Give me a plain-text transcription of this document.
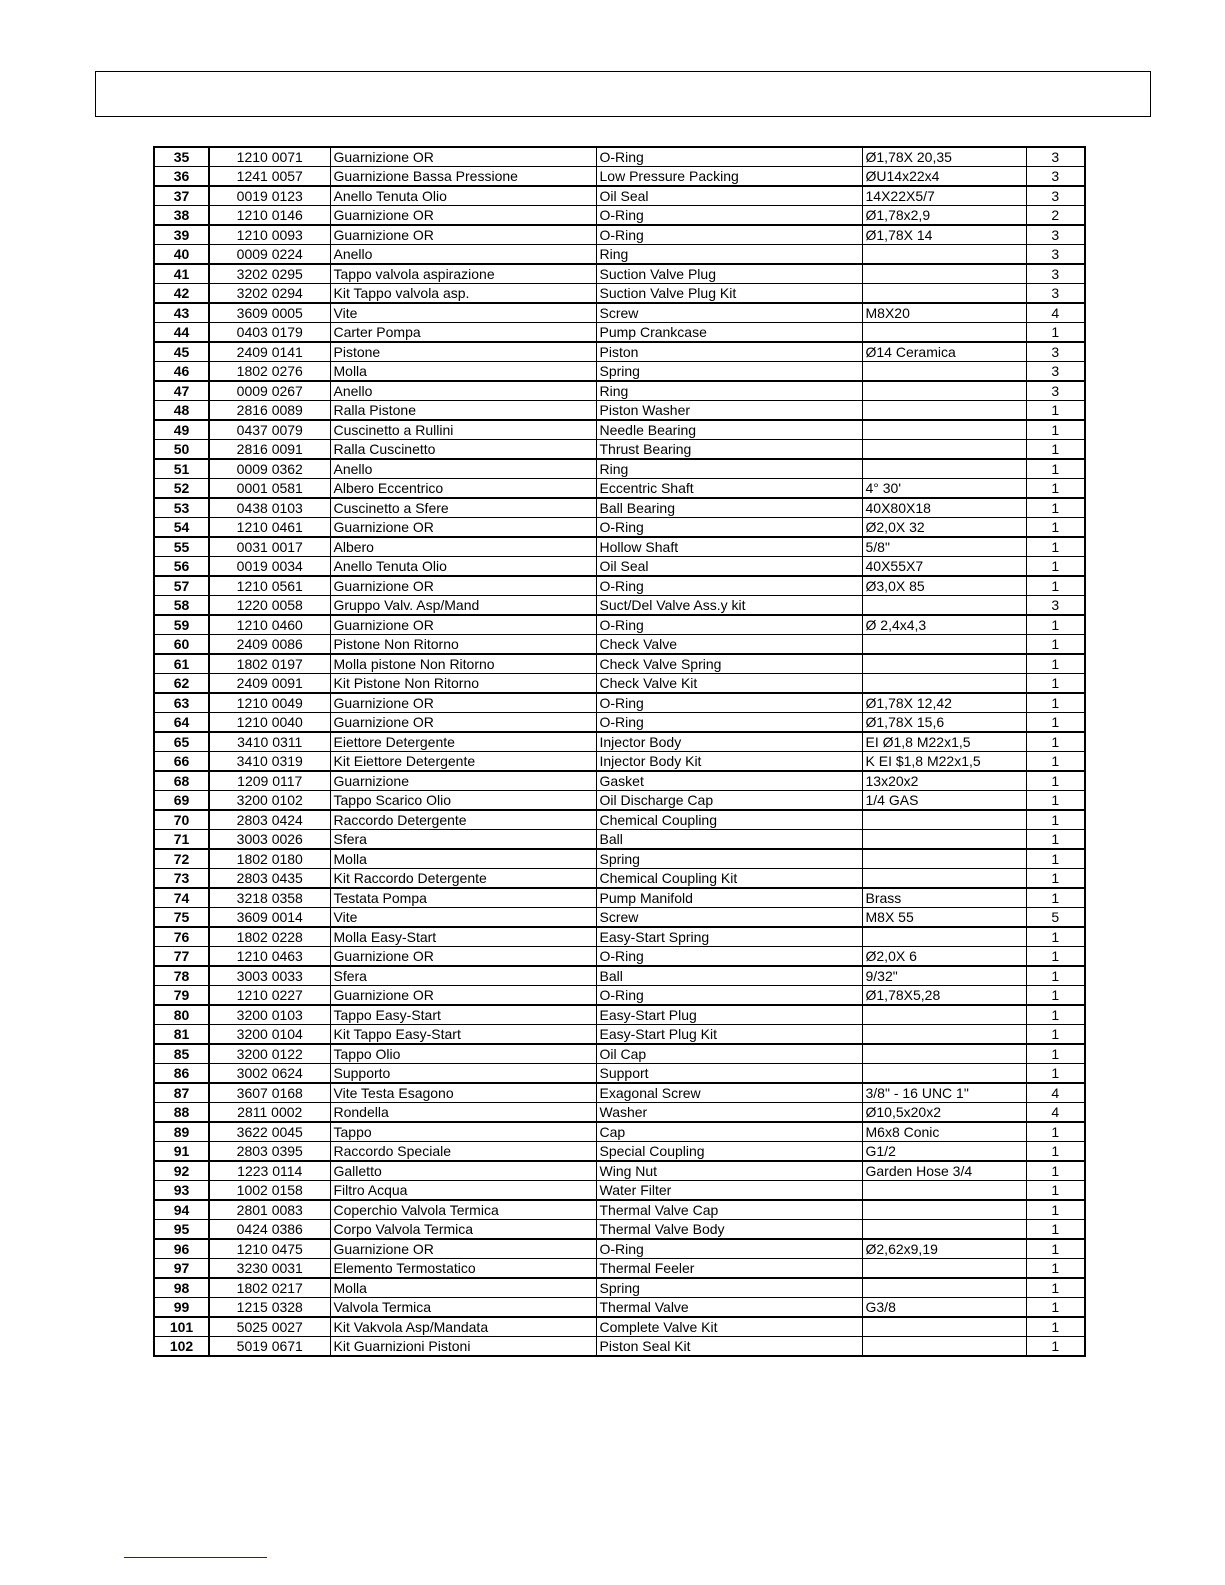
35	1210 0071	Guarnizione OR	O-Ring	Ø1,78X 20,35	3
36	1241 0057	Guarnizione Bassa Pressione	Low Pressure Packing	ØU14x22x4	3
37	0019 0123	Anello Tenuta Olio	Oil Seal	14X22X5/7	3
38	1210 0146	Guarnizione OR	O-Ring	Ø1,78x2,9	2
39	1210 0093	Guarnizione OR	O-Ring	Ø1,78X 14	3
40	0009 0224	Anello	Ring		3
41	3202 0295	Tappo valvola aspirazione	Suction Valve Plug		3
42	3202 0294	Kit Tappo valvola asp.	Suction Valve Plug Kit		3
43	3609 0005	Vite	Screw	M8X20	4
44	0403 0179	Carter Pompa	Pump Crankcase		1
45	2409 0141	Pistone	Piston	Ø14 Ceramica	3
46	1802 0276	Molla	Spring		3
47	0009 0267	Anello	Ring		3
48	2816 0089	Ralla Pistone	Piston Washer		1
49	0437 0079	Cuscinetto a Rullini	Needle Bearing		1
50	2816 0091	Ralla Cuscinetto	Thrust Bearing		1
51	0009 0362	Anello	Ring		1
52	0001 0581	Albero Eccentrico	Eccentric Shaft	4° 30'	1
53	0438 0103	Cuscinetto a Sfere	Ball Bearing	40X80X18	1
54	1210 0461	Guarnizione OR	O-Ring	Ø2,0X 32	1
55	0031 0017	Albero	Hollow Shaft	5/8"	1
56	0019 0034	Anello Tenuta Olio	Oil Seal	40X55X7	1
57	1210 0561	Guarnizione OR	O-Ring	Ø3,0X 85	1
58	1220 0058	Gruppo Valv. Asp/Mand	Suct/Del Valve Ass.y kit		3
59	1210 0460	Guarnizione OR	O-Ring	Ø 2,4x4,3	1
60	2409 0086	Pistone Non Ritorno	Check Valve		1
61	1802 0197	Molla pistone Non Ritorno	Check Valve Spring		1
62	2409 0091	Kit Pistone Non Ritorno	Check Valve Kit		1
63	1210 0049	Guarnizione OR	O-Ring	Ø1,78X 12,42	1
64	1210 0040	Guarnizione OR	O-Ring	Ø1,78X 15,6	1
65	3410 0311	Eiettore Detergente	Injector Body	EI Ø1,8 M22x1,5	1
66	3410 0319	Kit Eiettore Detergente	Injector Body Kit	K EI $1,8 M22x1,5	1
68	1209 0117	Guarnizione	Gasket	13x20x2	1
69	3200 0102	Tappo Scarico Olio	Oil Discharge Cap	1/4 GAS	1
70	2803 0424	Raccordo Detergente	Chemical Coupling		1
71	3003 0026	Sfera	Ball		1
72	1802 0180	Molla	Spring		1
73	2803 0435	Kit Raccordo Detergente	Chemical Coupling Kit		1
74	3218 0358	Testata Pompa	Pump Manifold	Brass	1
75	3609 0014	Vite	Screw	M8X 55	5
76	1802 0228	Molla Easy-Start	Easy-Start Spring		1
77	1210 0463	Guarnizione OR	O-Ring	Ø2,0X 6	1
78	3003 0033	Sfera	Ball	9/32"	1
79	1210 0227	Guarnizione OR	O-Ring	Ø1,78X5,28	1
80	3200 0103	Tappo Easy-Start	Easy-Start Plug		1
81	3200 0104	Kit Tappo Easy-Start	Easy-Start Plug Kit		1
85	3200 0122	Tappo Olio	Oil Cap		1
86	3002 0624	Supporto	Support		1
87	3607 0168	Vite Testa Esagono	Exagonal Screw	3/8" - 16 UNC 1"	4
88	2811 0002	Rondella	Washer	Ø10,5x20x2	4
89	3622 0045	Tappo	Cap	M6x8 Conic	1
91	2803 0395	Raccordo Speciale	Special Coupling	G1/2	1
92	1223 0114	Galletto	Wing Nut	Garden Hose 3/4	1
93	1002 0158	Filtro Acqua	Water Filter		1
94	2801 0083	Coperchio Valvola Termica	Thermal Valve Cap		1
95	0424 0386	Corpo Valvola Termica	Thermal Valve Body		1
96	1210 0475	Guarnizione OR	O-Ring	Ø2,62x9,19	1
97	3230 0031	Elemento Termostatico	Thermal Feeler		1
98	1802 0217	Molla	Spring		1
99	1215 0328	Valvola Termica	Thermal Valve	G3/8	1
101	5025 0027	Kit Vakvola Asp/Mandata	Complete Valve Kit		1
102	5019 0671	Kit Guarnizioni Pistoni	Piston Seal Kit		1
